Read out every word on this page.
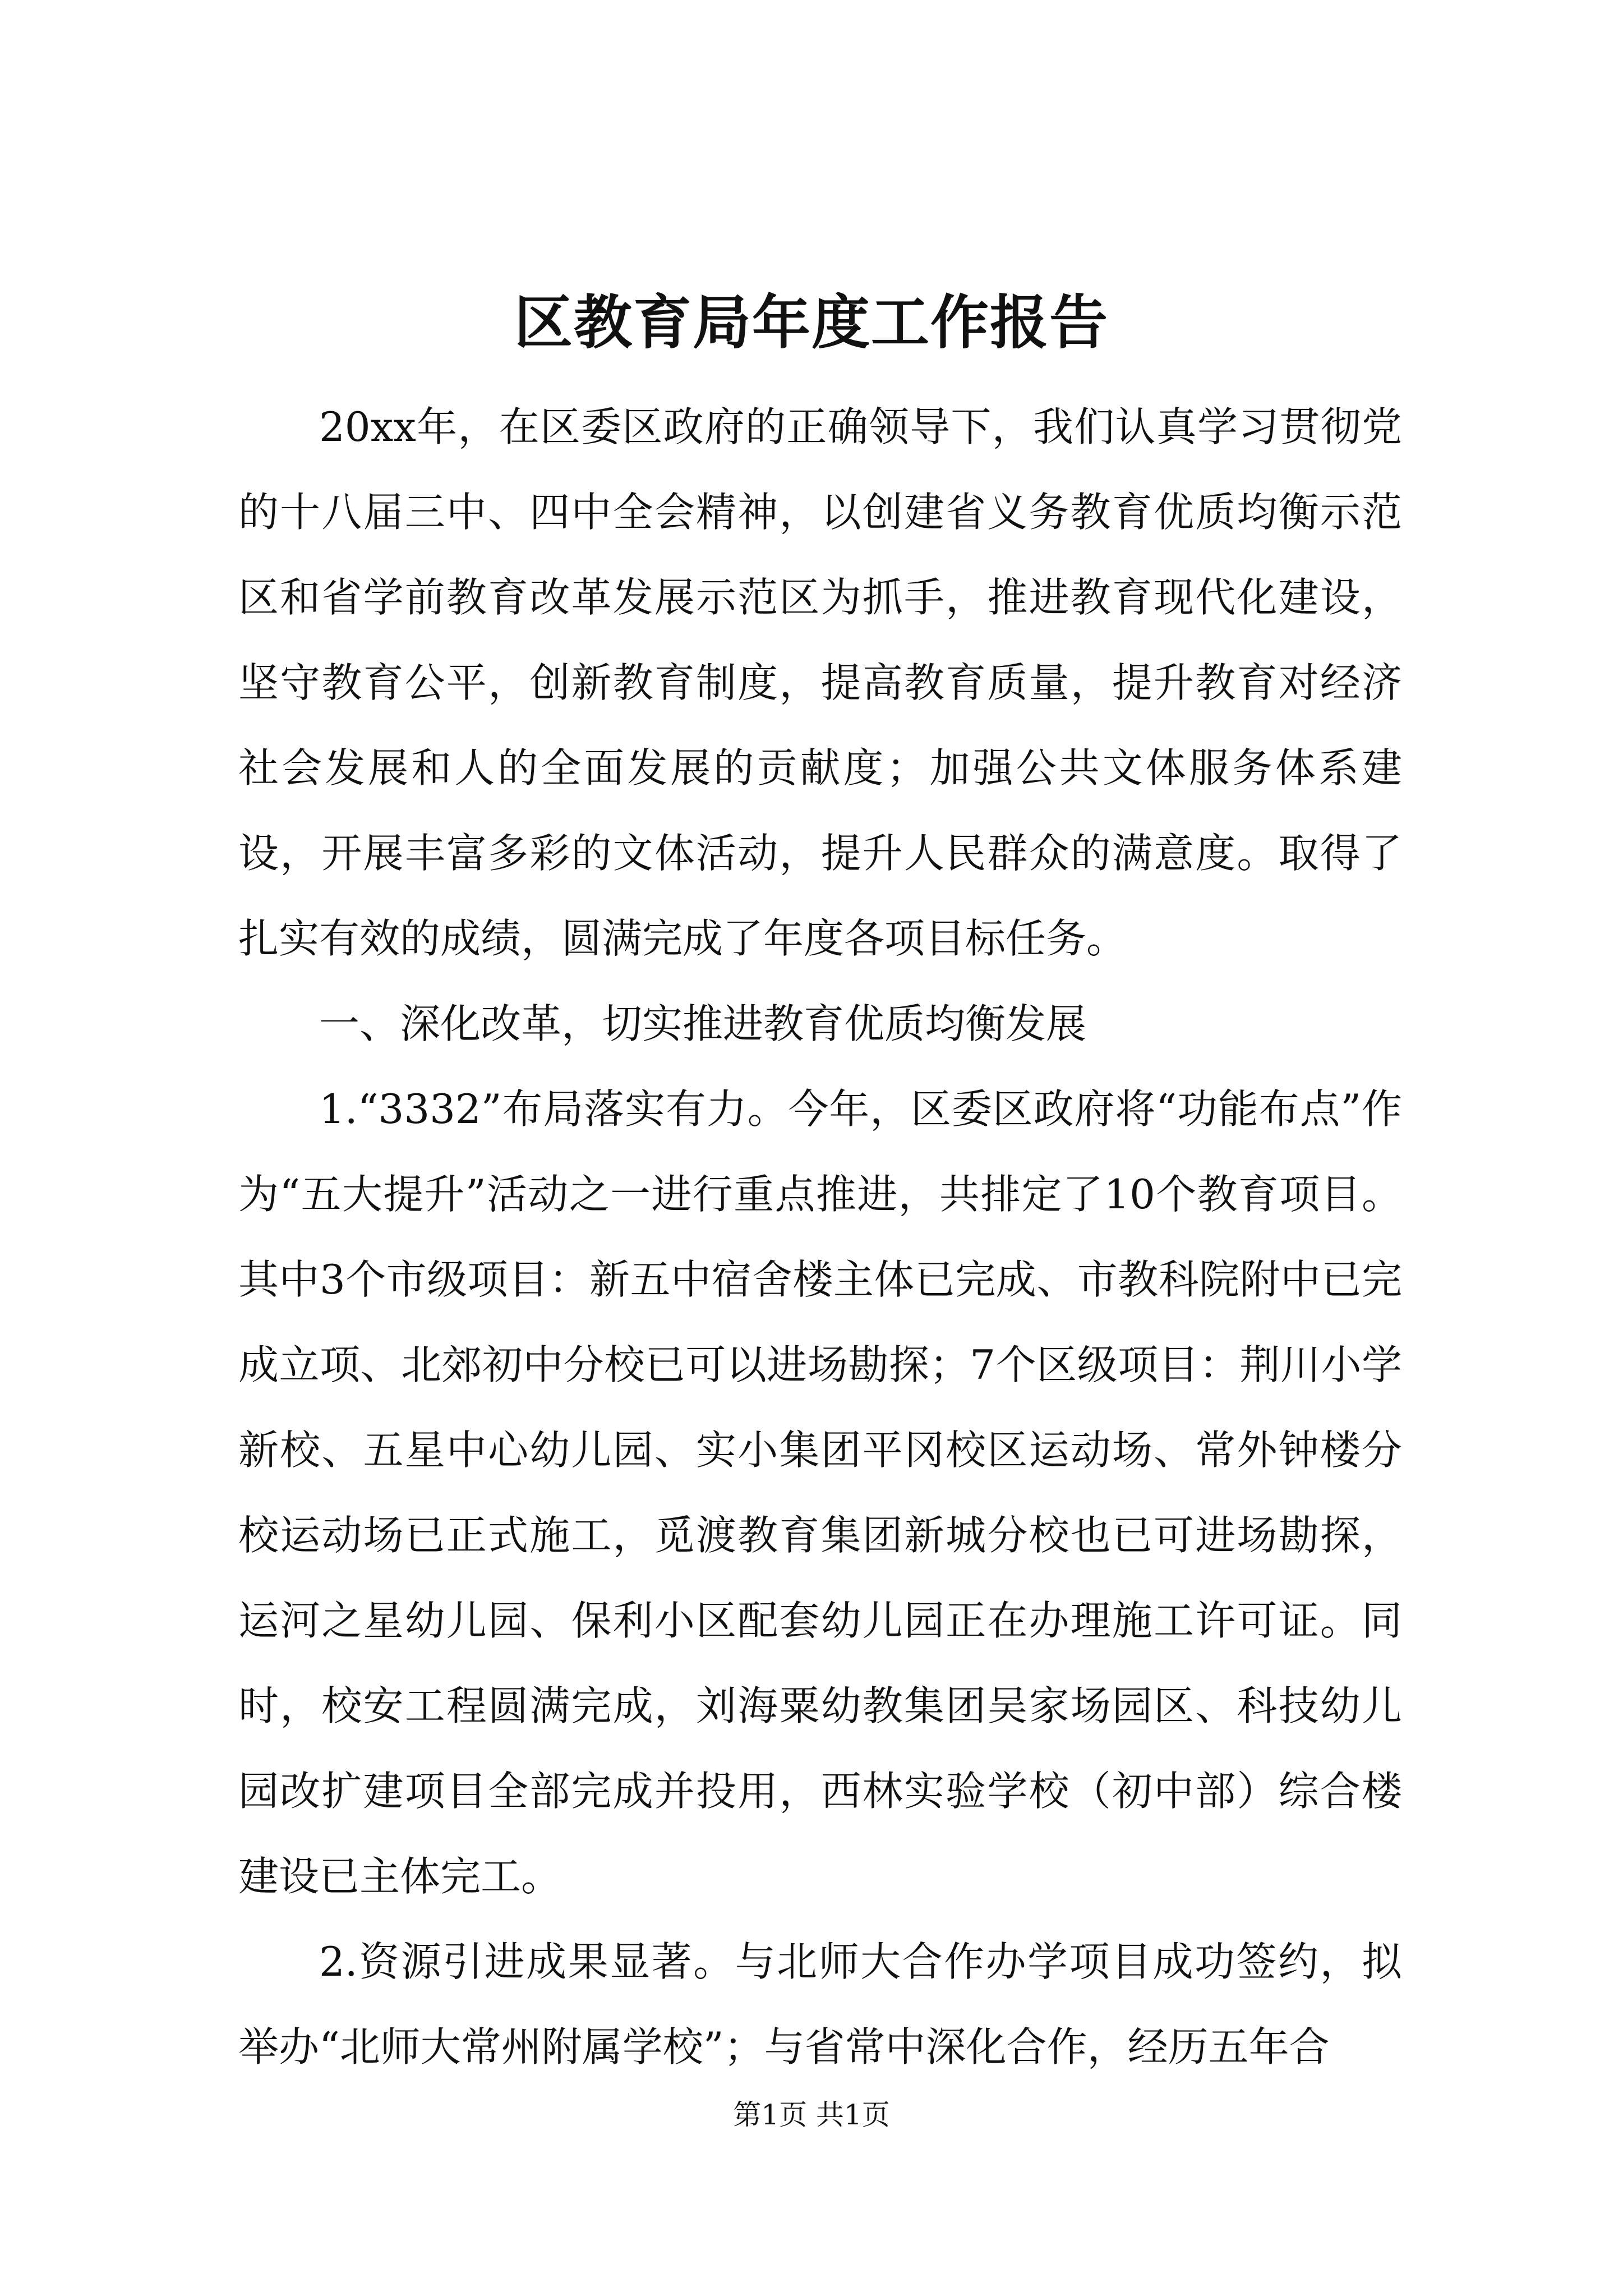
区教育局年度工作报告

20xx年，在区委区政府的正确领导下，我们认真学习贯彻党的十八届三中、四中全会精神，以创建省义务教育优质均衡示范区和省学前教育改革发展示范区为抓手，推进教育现代化建设，坚守教育公平，创新教育制度，提高教育质量，提升教育对经济社会发展和人的全面发展的贡献度；加强公共文体服务体系建设，开展丰富多彩的文体活动，提升人民群众的满意度。取得了扎实有效的成绩，圆满完成了年度各项目标任务。

一、深化改革，切实推进教育优质均衡发展

1.“3332”布局落实有力。今年，区委区政府将“功能布点”作为“五大提升”活动之一进行重点推进，共排定了10个教育项目。其中3个市级项目：新五中宿舍楼主体已完成、市教科院附中已完成立项、北郊初中分校已可以进场勘探；7个区级项目：荆川小学新校、五星中心幼儿园、实小集团平冈校区运动场、常外钟楼分校运动场已正式施工，觅渡教育集团新城分校也已可进场勘探，运河之星幼儿园、保利小区配套幼儿园正在办理施工许可证。同时，校安工程圆满完成，刘海粟幼教集团吴家场园区、科技幼儿园改扩建项目全部完成并投用，西林实验学校（初中部）综合楼建设已主体完工。

2.资源引进成果显著。与北师大合作办学项目成功签约，拟举办“北师大常州附属学校”；与省常中深化合作，经历五年合

第1页 共1页
